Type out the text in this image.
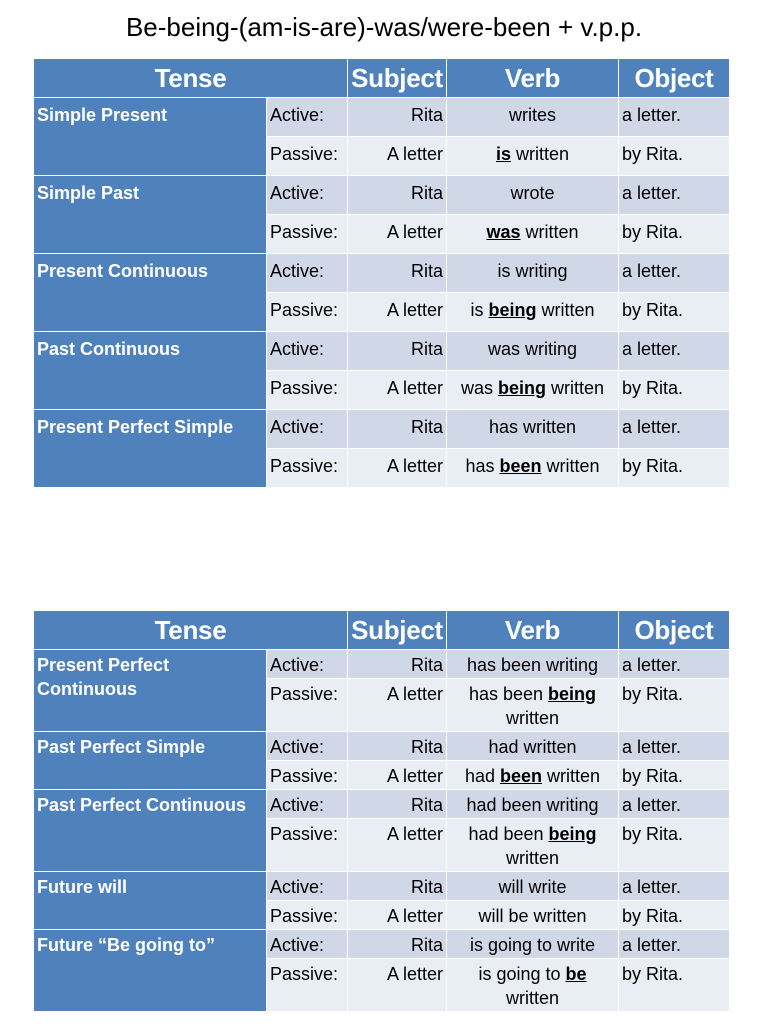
Be-being-(am-is-are)-was/were-been + v.p.p.
Tense		Subject	Verb	Object
Simple Present	Active:	Rita	writes	a letter.
	Passive:	A letter	is written	by Rita.
Simple Past	Active:	Rita	wrote	a letter.
	Passive:	A letter	was written	by Rita.
Present Continuous	Active:	Rita	is writing	a letter.
	Passive:	A letter	is being written	by Rita.
Past Continuous	Active:	Rita	was writing	a letter.
	Passive:	A letter	was being written	by Rita.
Present Perfect Simple	Active:	Rita	has written	a letter.
	Passive:	A letter	has been written	by Rita.
Tense		Subject	Verb	Object
Present Perfect Continuous	Active:	Rita	has been writing	a letter.
	Passive:	A letter	has been being written	by Rita.
Past Perfect Simple	Active:	Rita	had written	a letter.
	Passive:	A letter	had been written	by Rita.
Past Perfect Continuous	Active:	Rita	had been writing	a letter.
	Passive:	A letter	had been being written	by Rita.
Future will	Active:	Rita	will write	a letter.
	Passive:	A letter	will be written	by Rita.
Future “Be going to”	Active:	Rita	is going to write	a letter.
	Passive:	A letter	is going to be written	by Rita.
